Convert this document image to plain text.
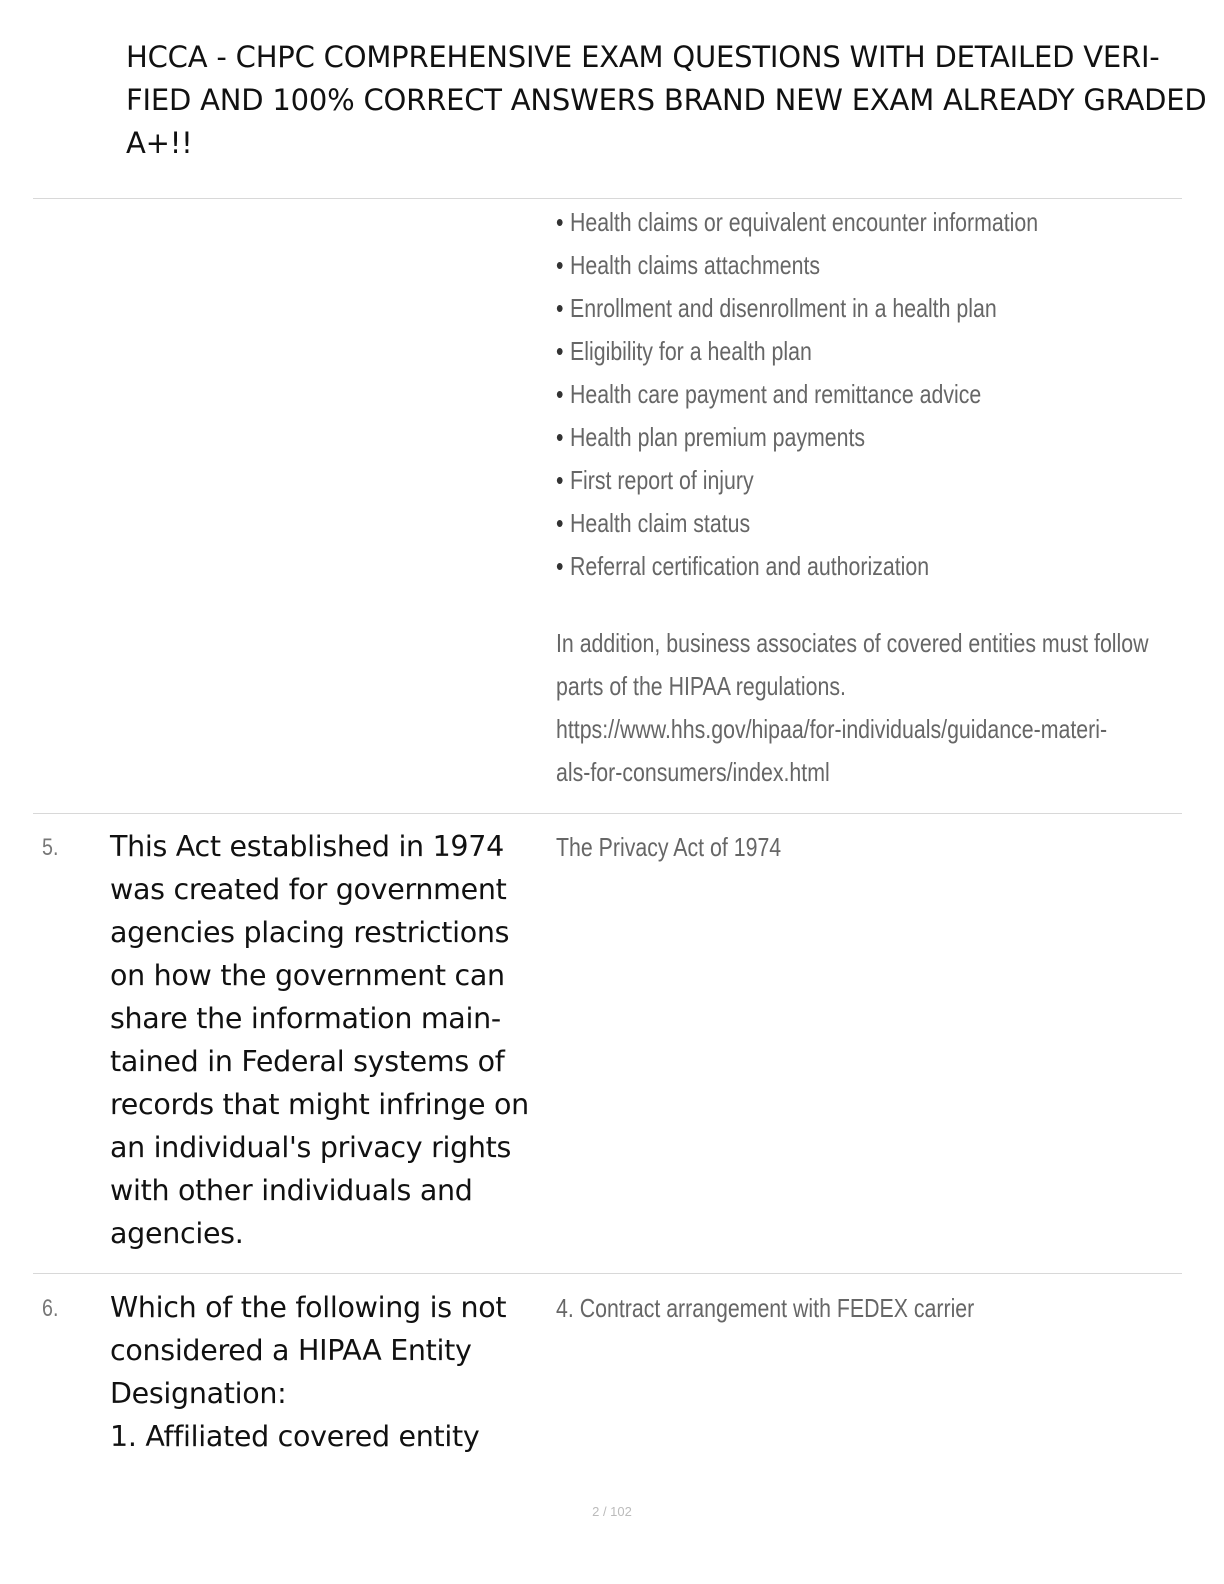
HCCA - CHPC COMPREHENSIVE EXAM QUESTIONS WITH DETAILED VERI-
FIED AND 100% CORRECT ANSWERS BRAND NEW EXAM ALREADY GRADED
A+!!
• Health claims or equivalent encounter information
• Health claims attachments
• Enrollment and disenrollment in a health plan
• Eligibility for a health plan
• Health care payment and remittance advice
• Health plan premium payments
• First report of injury
• Health claim status
• Referral certification and authorization
In addition, business associates of covered entities must follow
parts of the HIPAA regulations.
https://www.hhs.gov/hipaa/for-individuals/guidance-materi-
als-for-consumers/index.html
5. This Act established in 1974
was created for government
agencies placing restrictions
on how the government can
share the information main-
tained in Federal systems of
records that might infringe on
an individual's privacy rights
with other individuals and
agencies.
The Privacy Act of 1974
6. Which of the following is not
considered a HIPAA Entity
Designation:
1. Affiliated covered entity
4. Contract arrangement with FEDEX carrier
2 / 102
